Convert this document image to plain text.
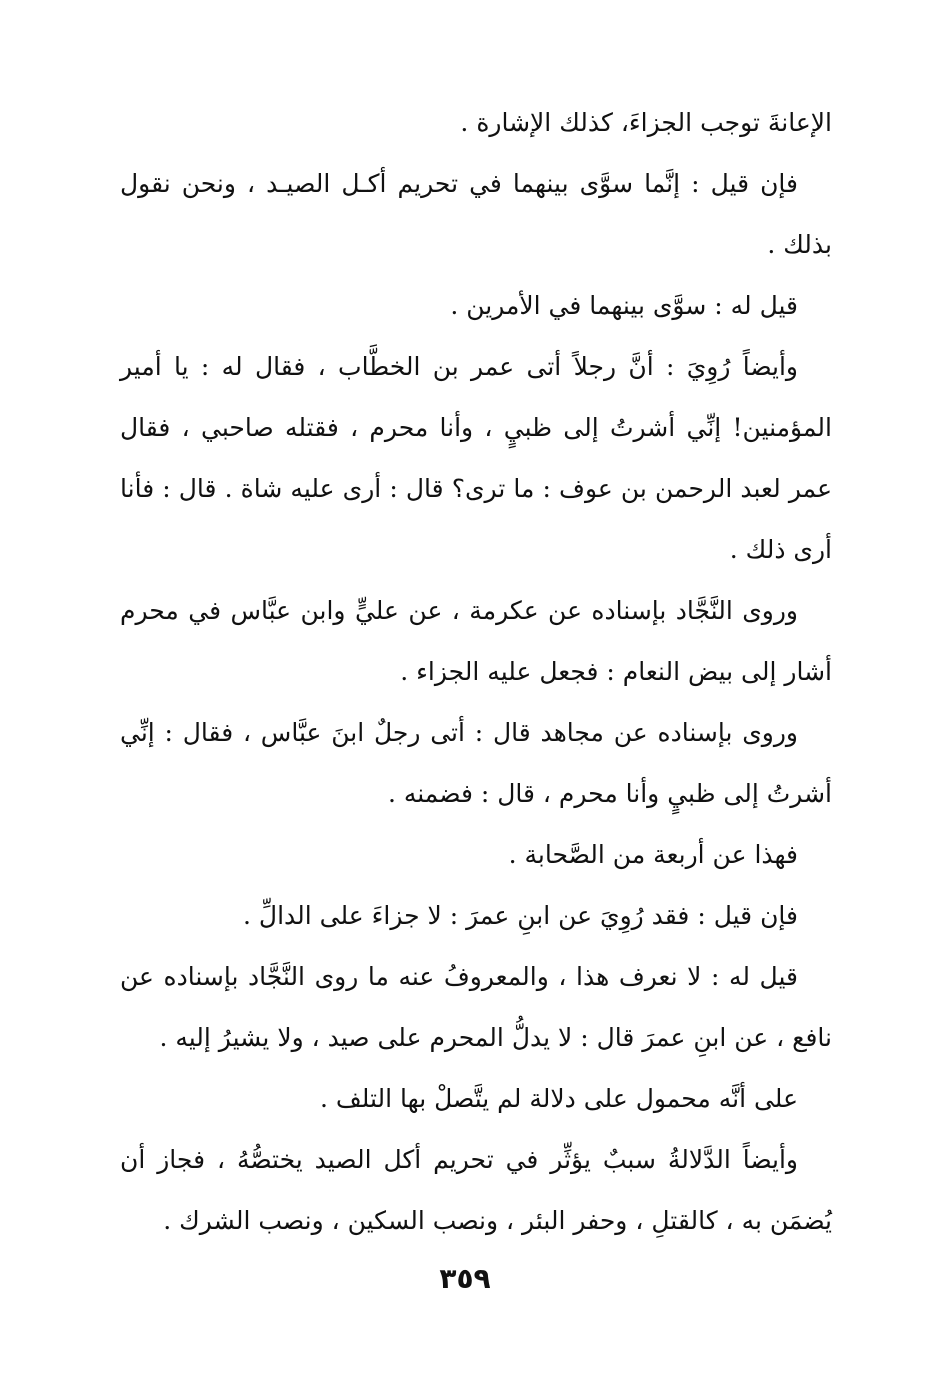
الإعانةَ توجب الجزاءَ، كذلك الإشارة .

فإن قيل : إنَّما سوَّى بينهما في تحريم أكـل الصيـد ، ونحن نقول بذلك .

قيل له : سوَّى بينهما في الأمرين .

وأيضاً رُوِيَ : أنَّ رجلاً أتى عمر بن الخطَّاب ، فقال له : يا أمير المؤمنين! إنِّي أشرتُ إلى ظبيٍ ، وأنا محرم ، فقتله صاحبي ، فقال عمر لعبد الرحمن بن عوف : ما ترى؟ قال : أرى عليه شاة . قال : فأنا أرى ذلك .

وروى النَّجَّاد بإسناده عن عكرمة ، عن عليٍّ وابن عبَّاس في محرم أشار إلى بيض النعام : فجعل عليه الجزاء .

وروى بإسناده عن مجاهد قال : أتى رجلٌ ابنَ عبَّاس ، فقال : إنِّي أشرتُ إلى ظبيٍ وأنا محرم ، قال : فضمنه .

فهذا عن أربعة من الصَّحابة .

فإن قيل : فقد رُوِيَ عن ابنِ عمرَ : لا جزاءَ على الدالِّ .

قيل له : لا نعرف هذا ، والمعروفُ عنه ما روى النَّجَّاد بإسناده عن نافع ، عن ابنِ عمرَ قال : لا يدلُّ المحرم على صيد ، ولا يشيرُ إليه .

على أنَّه محمول على دلالة لم يتَّصلْ بها التلف .

وأيضاً الدَّلالةُ سببٌ يؤثِّر في تحريم أكل الصيد يختصُّهُ ، فجاز أن يُضمَن به ، كالقتلِ ، وحفر البئر ، ونصب السكين ، ونصب الشرك .

٣٥٩
